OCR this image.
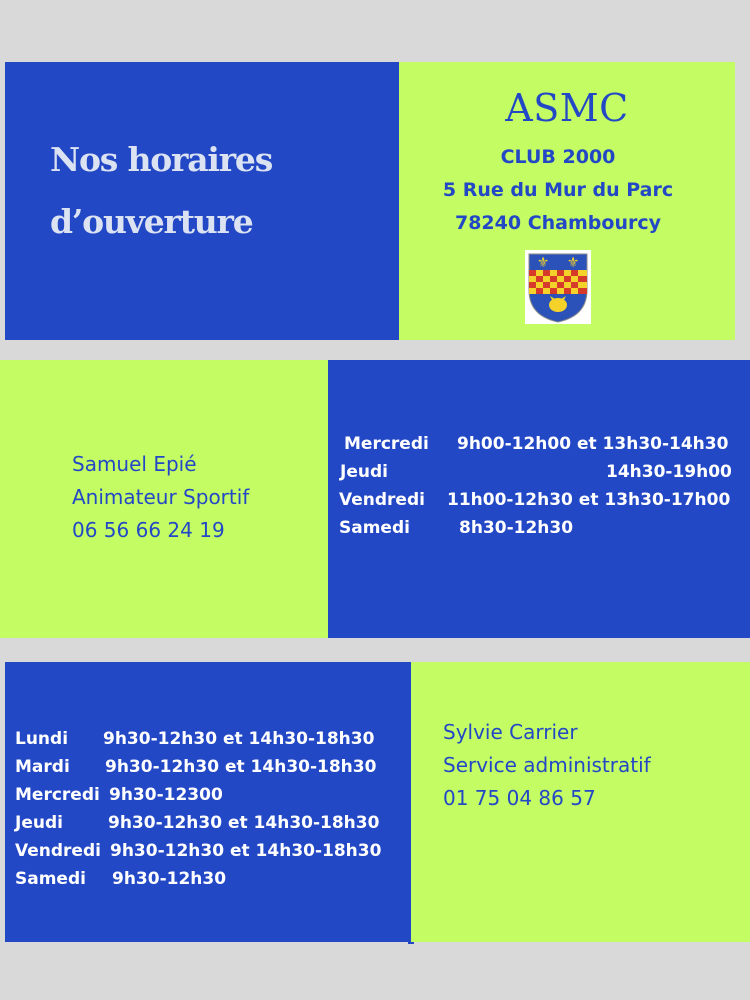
Nos horaires
d’ouverture
ASMC
CLUB 2000
5 Rue du Mur du Parc
78240 Chambourcy
⚜ ⚜
Samuel Epié
Animateur Sportif
06 56 66 24 19
Mercredi 9h00-12h00 et 13h30-14h30
Jeudi	14h30-19h00
Vendredi 11h00-12h30 et 13h30-17h00
Samedi	8h30-12h30
Lundi 9h30-12h30 et 14h30-18h30
Mardi 9h30-12h30 et 14h30-18h30
Mercredi 9h30-12300
Jeudi	9h30-12h30 et 14h30-18h30
Vendredi 9h30-12h30 et 14h30-18h30
Samedi 9h30-12h30
Sylvie Carrier
Service administratif
01 75 04 86 57
